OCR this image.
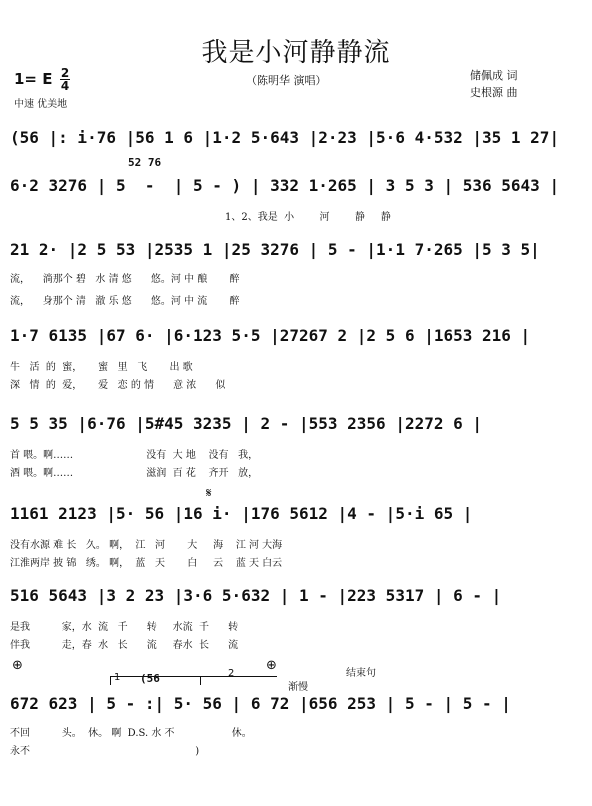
我是小河静静流
（陈明华 演唱）
1= E 2
4
中速 优美地
储佩成 词
史根源 曲
(56 |: i·76 |56 1 6 |1·2 5·643 |2·23 |5·6 4·532 |35 1 27|
52 76
6·2 3276 | 5  -  | 5 - ) | 332 1·265 | 3 5 3 | 536 5643 |
1、2、我是  小        河        静     静
21 2· |2 5 53 |2535 1 |25 3276 | 5 - |1·1 7·265 |5 3 5|
流，    淌那个 碧   水 清 悠      悠。河 中 酿       醉
流，    身那个 清   澈 乐 悠      悠。河 中 流       醉
1·7 6135 |67 6· |6·123 5·5 |27267 2 |2 5 6 |1653 216 |
牛   活  的  蜜，     蜜   里   飞       出 歌
深   情  的  爱，     爱   恋 的 情      意 浓      似
5 5 35 |6·76 |5#45 3235 | 2 - |553 2356 |2272 6 |
首 喂。啊……                       没有  大 地    没有   我，
酒 喂。啊……                       滋润  百 花    齐开   放，
𝄋
1161 2123 |5· 56 |16 i· |176 5612 |4 - |5·i 65 |
没有水源 难 长   久。 啊，  江   河       大     海    江 河 大海
江淮两岸 披 锦   绣。 啊，  蓝   天       白     云    蓝 天 白云
516 5643 |3 2 23 |3·6 5·632 | 1 - |223 5317 | 6 - |
是我          家，水  流   千      转     水流  千      转
伴我          走，春  水   长      流     春水  长      流
⊕	⊕
1 (56	2
渐慢
结束句
672 623 | 5 - :| 5· 56 | 6 72 |656 253 | 5 - | 5 - |
不回          头。  休。 啊  D.S. 水 不                  休。
永不                                                    )
